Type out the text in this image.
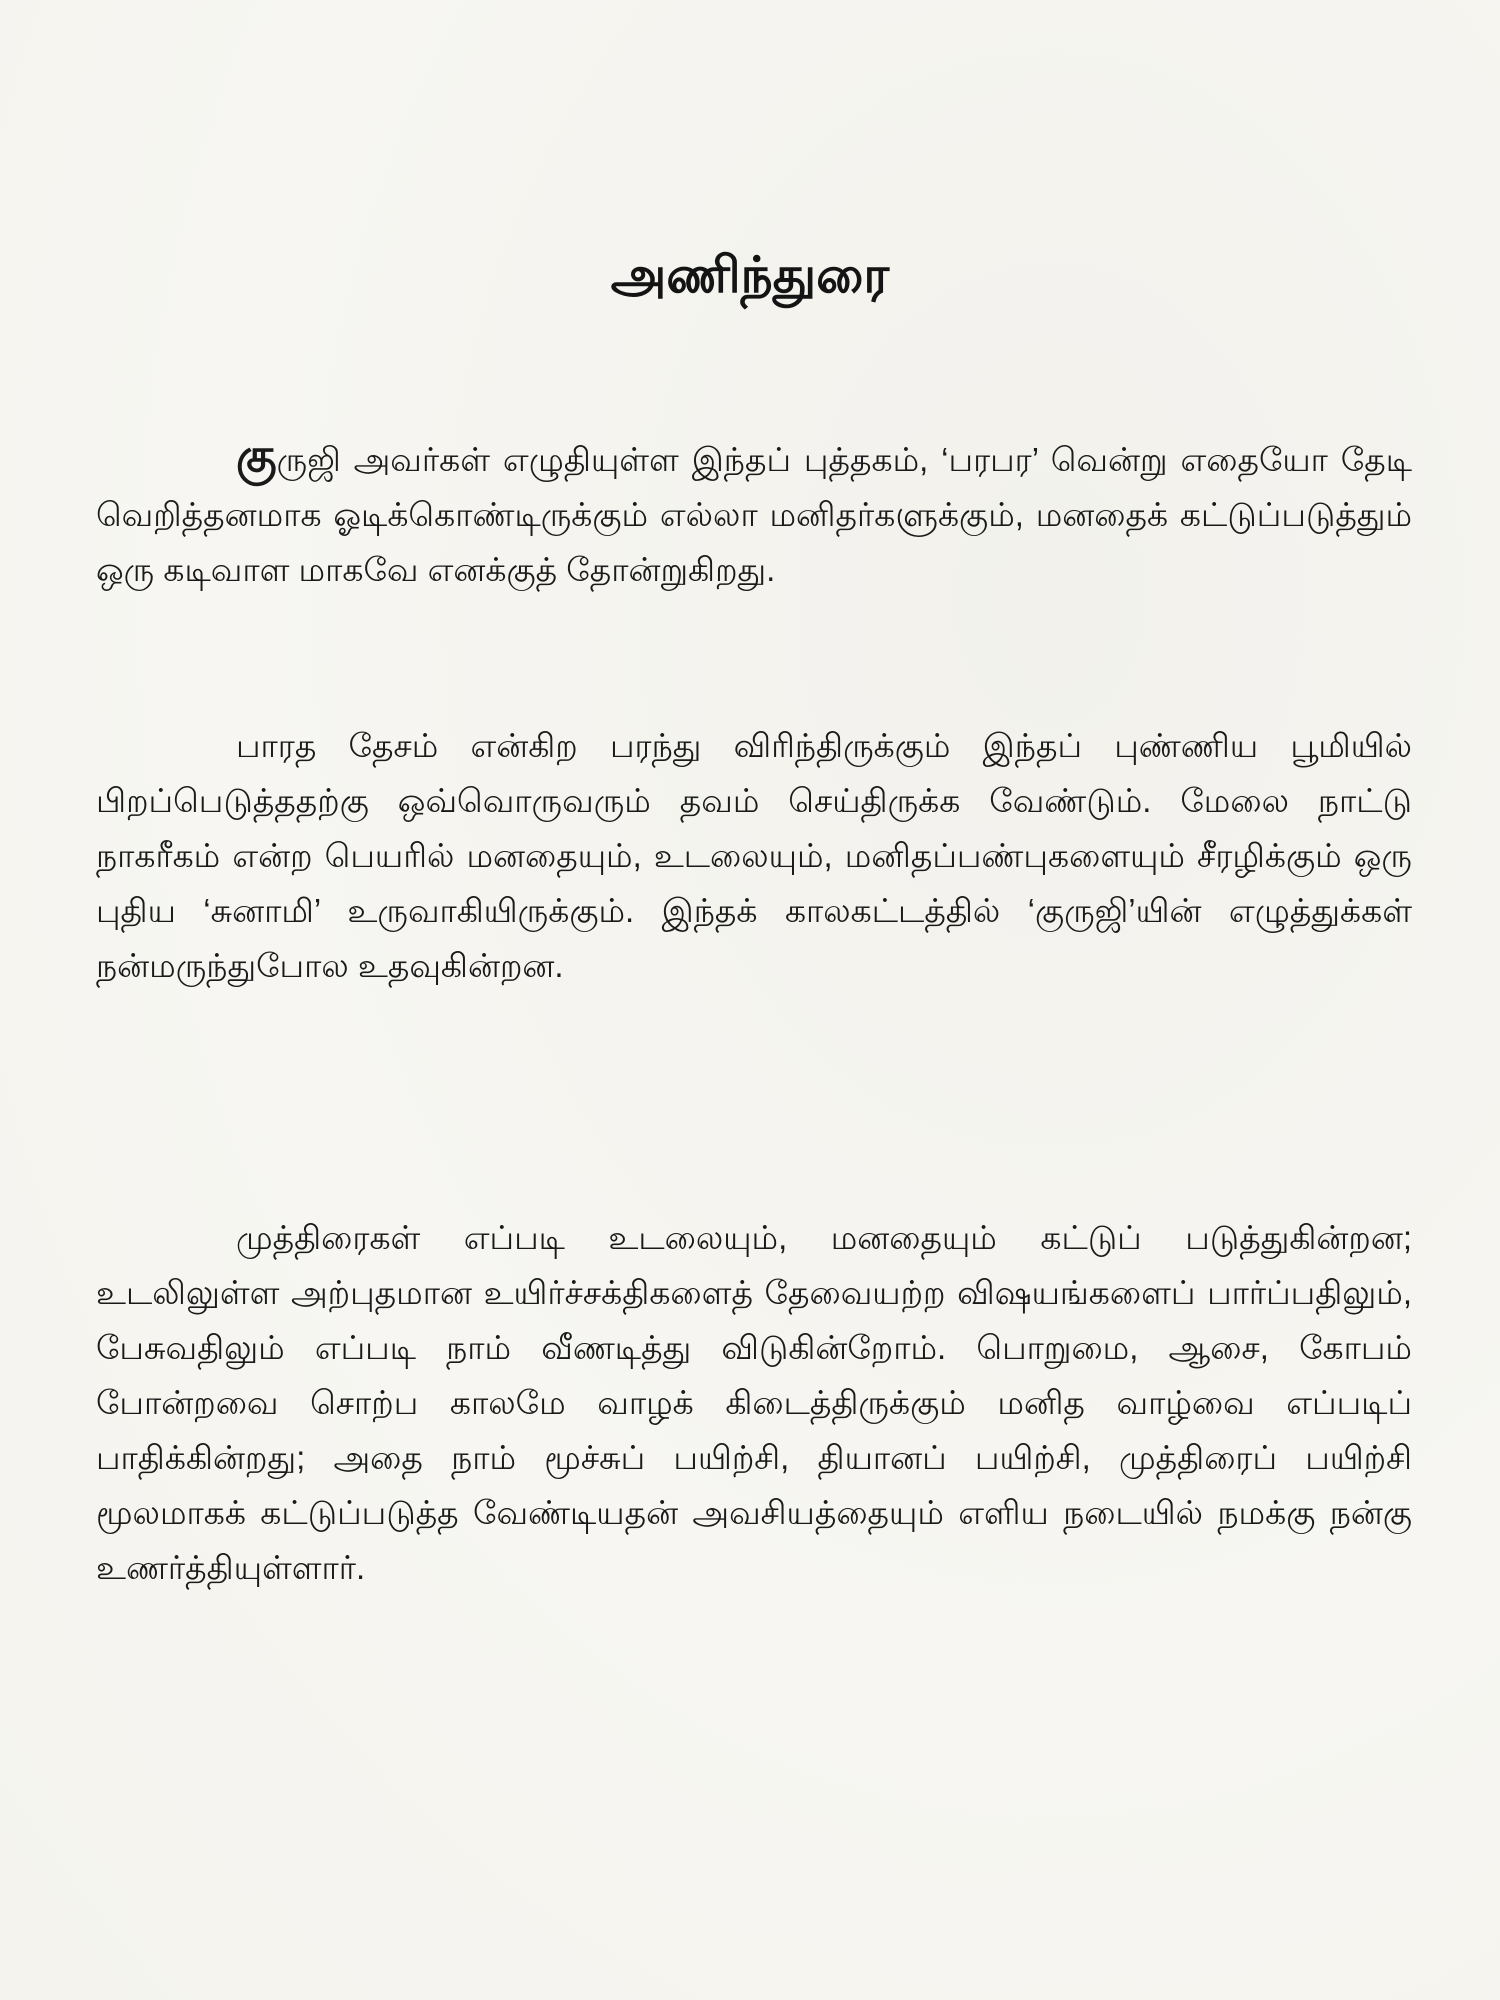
அணிந்துரை

குருஜி அவர்கள் எழுதியுள்ள இந்தப் புத்தகம், ‘பரபர’ வென்று எதையோ தேடி வெறித்தனமாக ஓடிக்கொண்டிருக்கும் எல்லா மனிதர்களுக்கும், மனதைக் கட்டுப்படுத்தும் ஒரு கடிவாள மாகவே எனக்குத் தோன்றுகிறது.

பாரத தேசம் என்கிற பரந்து விரிந்திருக்கும் இந்தப் புண்ணிய பூமியில் பிறப்பெடுத்ததற்கு ஒவ்வொருவரும் தவம் செய்திருக்க வேண்டும். மேலை நாட்டு நாகரீகம் என்ற பெயரில் மனதையும், உடலையும், மனிதப்பண்புகளையும் சீரழிக்கும் ஒரு புதிய ‘சுனாமி’ உருவாகியிருக்கும். இந்தக் காலகட்டத்தில் ‘குருஜி’யின் எழுத்துக்கள் நன்மருந்துபோல உதவுகின்றன.

முத்திரைகள் எப்படி உடலையும், மனதையும் கட்டுப் படுத்துகின்றன; உடலிலுள்ள அற்புதமான உயிர்ச்சக்திகளைத் தேவையற்ற விஷயங்களைப் பார்ப்பதிலும், பேசுவதிலும் எப்படி நாம் வீணடித்து விடுகின்றோம். பொறுமை, ஆசை, கோபம் போன்றவை சொற்ப காலமே வாழக் கிடைத்திருக்கும் மனித வாழ்வை எப்படிப் பாதிக்கின்றது; அதை நாம் மூச்சுப் பயிற்சி, தியானப் பயிற்சி, முத்திரைப் பயிற்சி மூலமாகக் கட்டுப்படுத்த வேண்டியதன் அவசியத்தையும் எளிய நடையில் நமக்கு நன்கு உணர்த்தியுள்ளார்.
